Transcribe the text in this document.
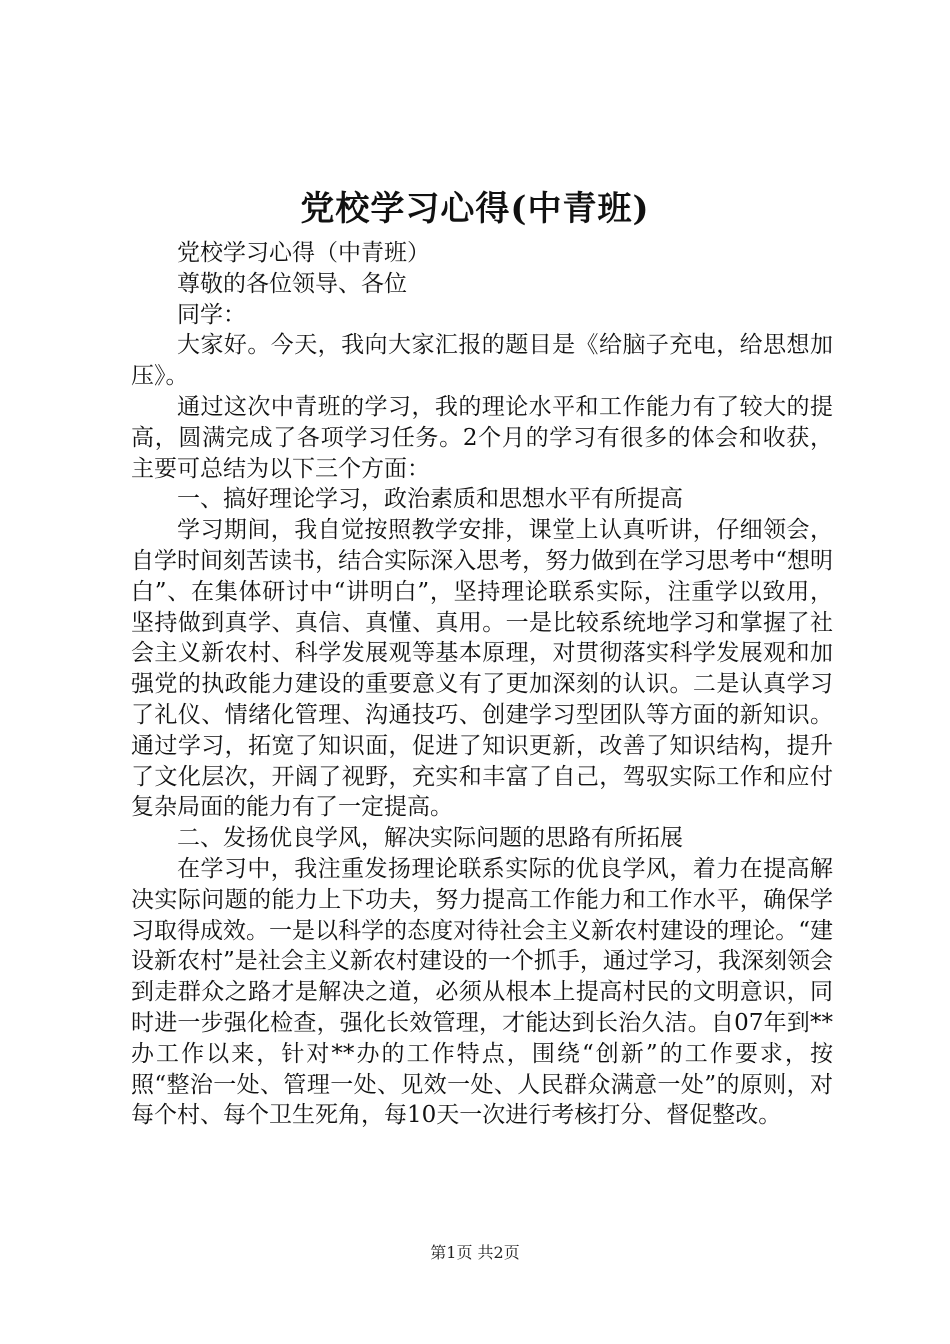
党校学习心得(中青班)

党校学习心得（中青班）

尊敬的各位领导、各位

同学：

大家好。今天，我向大家汇报的题目是《给脑子充电，给思想加压》。

通过这次中青班的学习，我的理论水平和工作能力有了较大的提高，圆满完成了各项学习任务。2个月的学习有很多的体会和收获，主要可总结为以下三个方面：

一、搞好理论学习，政治素质和思想水平有所提高

学习期间，我自觉按照教学安排，课堂上认真听讲，仔细领会，自学时间刻苦读书，结合实际深入思考，努力做到在学习思考中“想明白”、在集体研讨中“讲明白”，坚持理论联系实际，注重学以致用，坚持做到真学、真信、真懂、真用。一是比较系统地学习和掌握了社会主义新农村、科学发展观等基本原理，对贯彻落实科学发展观和加强党的执政能力建设的重要意义有了更加深刻的认识。二是认真学习了礼仪、情绪化管理、沟通技巧、创建学习型团队等方面的新知识。通过学习，拓宽了知识面，促进了知识更新，改善了知识结构，提升了文化层次，开阔了视野，充实和丰富了自己，驾驭实际工作和应付复杂局面的能力有了一定提高。

二、发扬优良学风，解决实际问题的思路有所拓展

在学习中，我注重发扬理论联系实际的优良学风，着力在提高解决实际问题的能力上下功夫，努力提高工作能力和工作水平，确保学习取得成效。一是以科学的态度对待社会主义新农村建设的理论。“建设新农村”是社会主义新农村建设的一个抓手，通过学习，我深刻领会到走群众之路才是解决之道，必须从根本上提高村民的文明意识，同时进一步强化检查，强化长效管理，才能达到长治久洁。自07年到**办工作以来，针对**办的工作特点，围绕“创新”的工作要求，按照“整治一处、管理一处、见效一处、人民群众满意一处”的原则，对每个村、每个卫生死角，每10天一次进行考核打分、督促整改。

第1页 共2页
